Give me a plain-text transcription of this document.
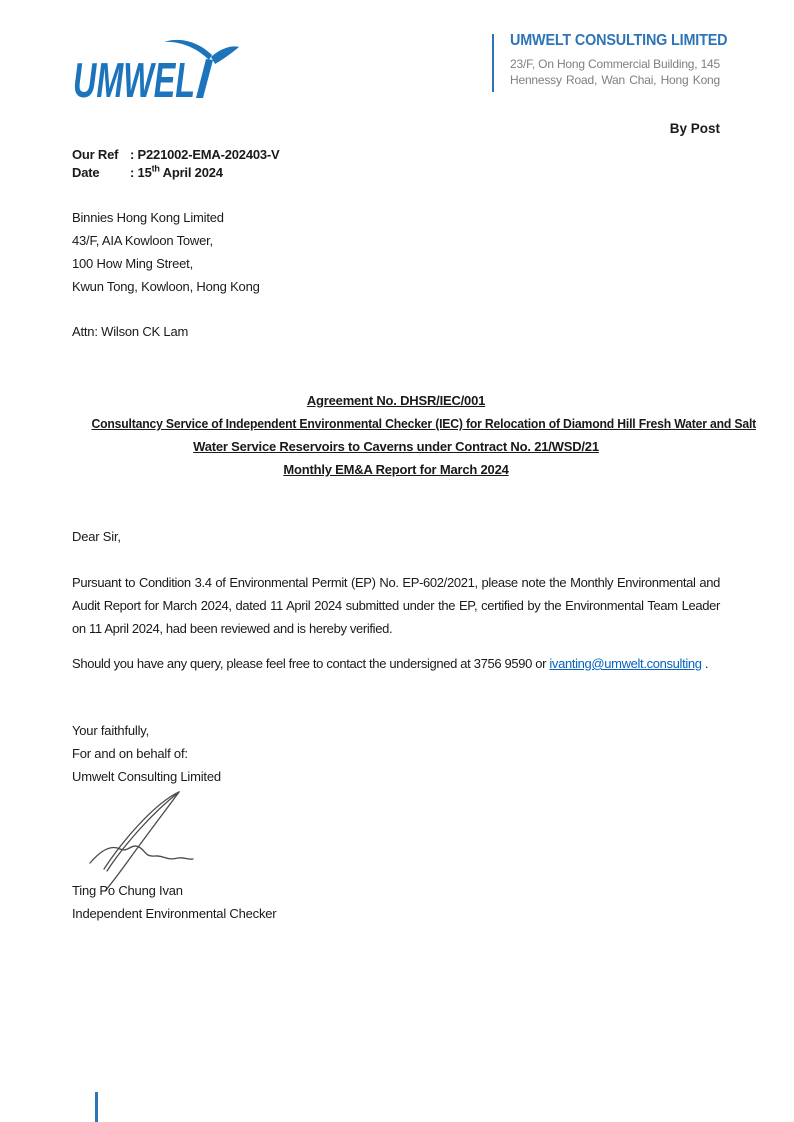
UMWEL
UMWELT CONSULTING LIMITED
23/F, On Hong Commercial Building, 145
Hennessy Road, Wan Chai, Hong Kong
By Post
Our Ref : P221002-EMA-202403-V
Date	: 15th April 2024
Binnies Hong Kong Limited
43/F, AIA Kowloon Tower,
100 How Ming Street,
Kwun Tong, Kowloon, Hong Kong
Attn: Wilson CK Lam
Agreement No. DHSR/IEC/001
Consultancy Service of Independent Environmental Checker (IEC) for Relocation of Diamond Hill Fresh Water and Salt
Water Service Reservoirs to Caverns under Contract No. 21/WSD/21
Monthly EM&A Report for March 2024
Dear Sir,
Pursuant to Condition 3.4 of Environmental Permit (EP) No. EP-602/2021, please note the Monthly Environmental and Audit Report for March 2024, dated 11 April 2024 submitted under the EP, certified by the Environmental Team Leader on 11 April 2024, had been reviewed and is hereby verified.
Should you have any query, please feel free to contact the undersigned at 3756 9590 or ivanting@umwelt.consulting .
Your faithfully,
For and on behalf of:
Umwelt Consulting Limited
Ting Po Chung Ivan
Independent Environmental Checker
